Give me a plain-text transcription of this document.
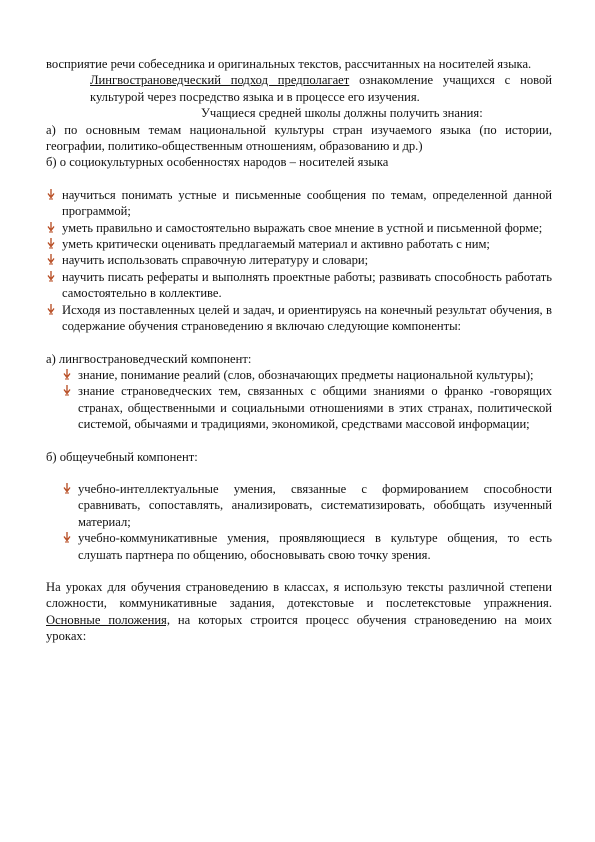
восприятие речи собеседника и оригинальных текстов, рассчитанных на носителей языка.

Лингвострановедческий подход предполагает ознакомление учащихся с новой культурой через посредство языка и в процессе его изучения.

Учащиеся средней школы должны получить знания:

а) по основным темам национальной культуры стран изучаемого языка (по истории, географии, политико-общественным отношениям, образованию и др.)

б) о социокультурных особенностях народов – носителей языка

научиться понимать устные и письменные сообщения по темам, определенной данной программой;
уметь правильно и самостоятельно выражать свое мнение в устной и письменной форме;
уметь критически оценивать предлагаемый материал и активно работать с ним;
научить использовать справочную литературу и словари;
научить писать рефераты и выполнять проектные работы; развивать способность работать самостоятельно в коллективе.
Исходя из поставленных целей и задач, и ориентируясь на конечный результат обучения, в содержание обучения страноведению я включаю следующие компоненты:

а) лингвострановедческий компонент:

знание, понимание реалий (слов, обозначающих предметы национальной культуры);
знание страноведческих тем, связанных с общими знаниями о франко -говорящих странах, общественными и социальными отношениями в этих странах, политической системой, обычаями и традициями, экономикой, средствами массовой информации;

б) общеучебный компонент:

учебно-интеллектуальные умения, связанные с формированием способности сравнивать, сопоставлять, анализировать, систематизировать, обобщать изученный материал;
учебно-коммуникативные умения, проявляющиеся в культуре общения, то есть слушать партнера по общению, обосновывать свою точку зрения.

На уроках для обучения страноведению в классах, я использую тексты различной степени сложности, коммуникативные задания, дотекстовые и послетекстовые упражнения. Основные положения, на которых строится процесс обучения страноведению на моих уроках:
